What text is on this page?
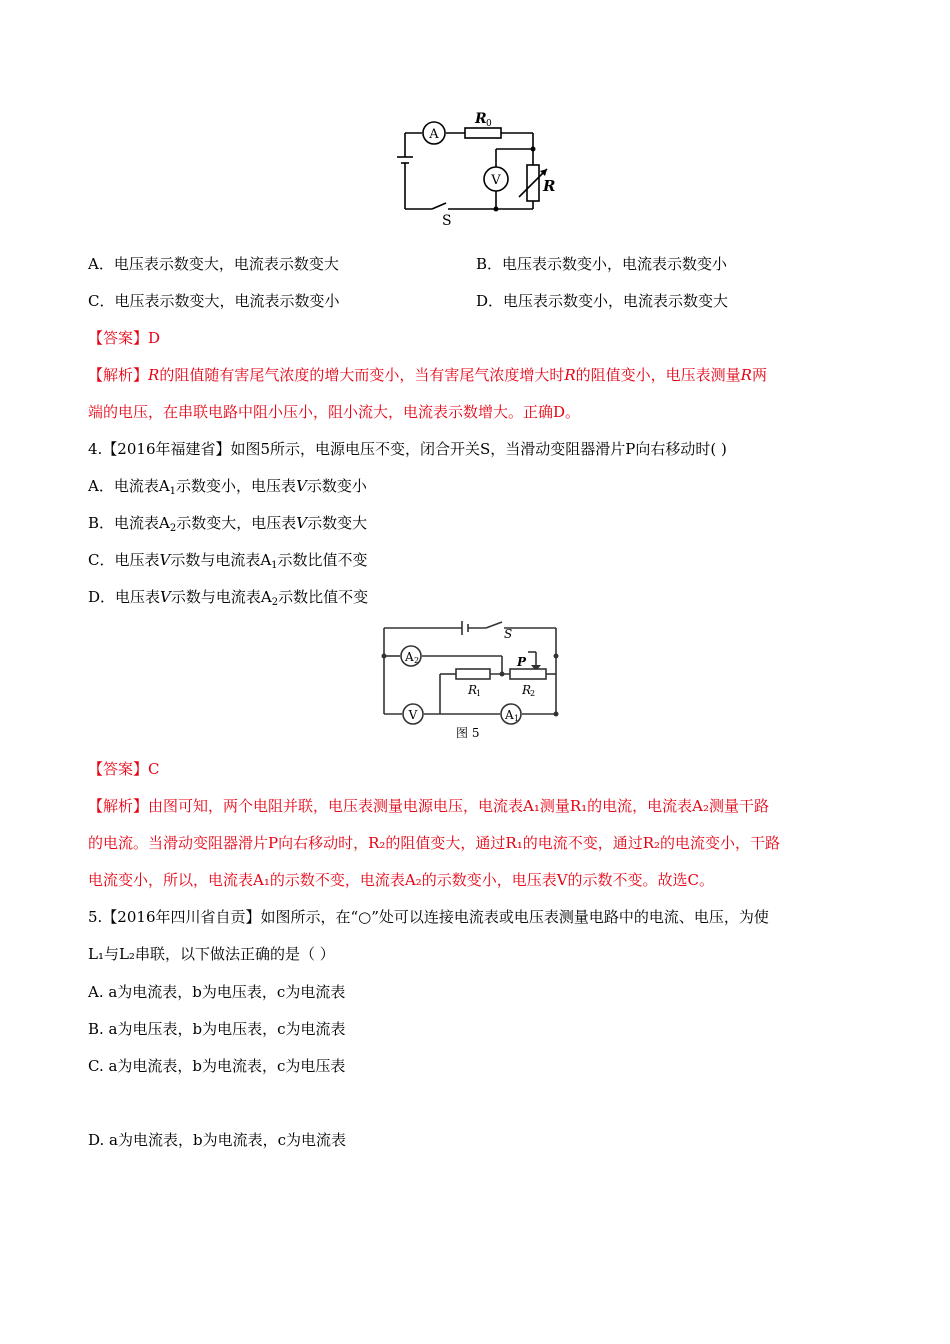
A
V
R 0
R
S
A．电压表示数变大，电流表示数变大	B．电压表示数变小，电流表示数变小
C．电压表示数变大，电流表示数变小	D．电压表示数变小，电流表示数变大
【答案】D
【解析】R的阻值随有害尾气浓度的增大而变小，当有害尾气浓度增大时R的阻值变小，电压表测量R两
端的电压，在串联电路中阻小压小，阻小流大，电流表示数增大。正确D。
4.【2016年福建省】如图5所示，电源电压不变，闭合开关S，当滑动变阻器滑片P向右移动时( )
A．电流表$A_1$示数变小，电压表V示数变小
B．电流表$A_2$示数变大，电压表V示数变大
C．电压表V示数与电流表$A_1$示数比值不变
D．电压表V示数与电流表$A_2$示数比值不变
A 2
V	A 1
S
P
R
1	R
2
图 5
【答案】C
【解析】由图可知，两个电阻并联，电压表测量电源电压，电流表A₁测量R₁的电流，电流表A₂测量干路
的电流。当滑动变阻器滑片P向右移动时，R₂的阻值变大，通过R₁的电流不变，通过R₂的电流变小，干路
电流变小，所以，电流表A₁的示数不变，电流表A₂的示数变小，电压表V的示数不变。故选C。
5.【2016年四川省自贡】如图所示，在“○”处可以连接电流表或电压表测量电路中的电流、电压，为使
L₁与L₂串联，以下做法正确的是（ ）
A. a为电流表，b为电压表，c为电流表
B. a为电压表，b为电压表，c为电流表
C. a为电流表，b为电流表，c为电压表
D. a为电流表，b为电流表，c为电流表
